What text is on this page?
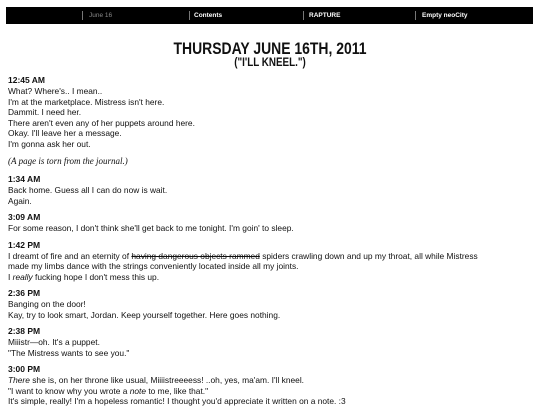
June 16	Contents	RAPTURE	Empty neoCity
THURSDAY JUNE 16TH, 2011
("I'LL KNEEL.")
12:45 AM
What? Where's.. I mean..
I'm at the marketplace. Mistress isn't here.
Dammit. I need her.
There aren't even any of her puppets around here.
Okay. I'll leave her a message.
I'm gonna ask her out.
(A page is torn from the journal.)
1:34 AM
Back home. Guess all I can do now is wait.
Again.
3:09 AM
For some reason, I don't think she'll get back to me tonight. I'm goin' to sleep.
1:42 PM
I dreamt of fire and an eternity of having dangerous objects rammed spiders crawling down and up my throat, all while Mistress
made my limbs dance with the strings conveniently located inside all my joints.
I really fucking hope I don't mess this up.
2:36 PM
Banging on the door!
Kay, try to look smart, Jordan. Keep yourself together. Here goes nothing.
2:38 PM
Miiistr—oh. It's a puppet.
"The Mistress wants to see you."
3:00 PM
There she is, on her throne like usual, Miiiistreeeess! ..oh, yes, ma'am. I'll kneel.
"I want to know why you wrote a note to me, like that."
It's simple, really! I'm a hopeless romantic! I thought you'd appreciate it written on a note. :3
